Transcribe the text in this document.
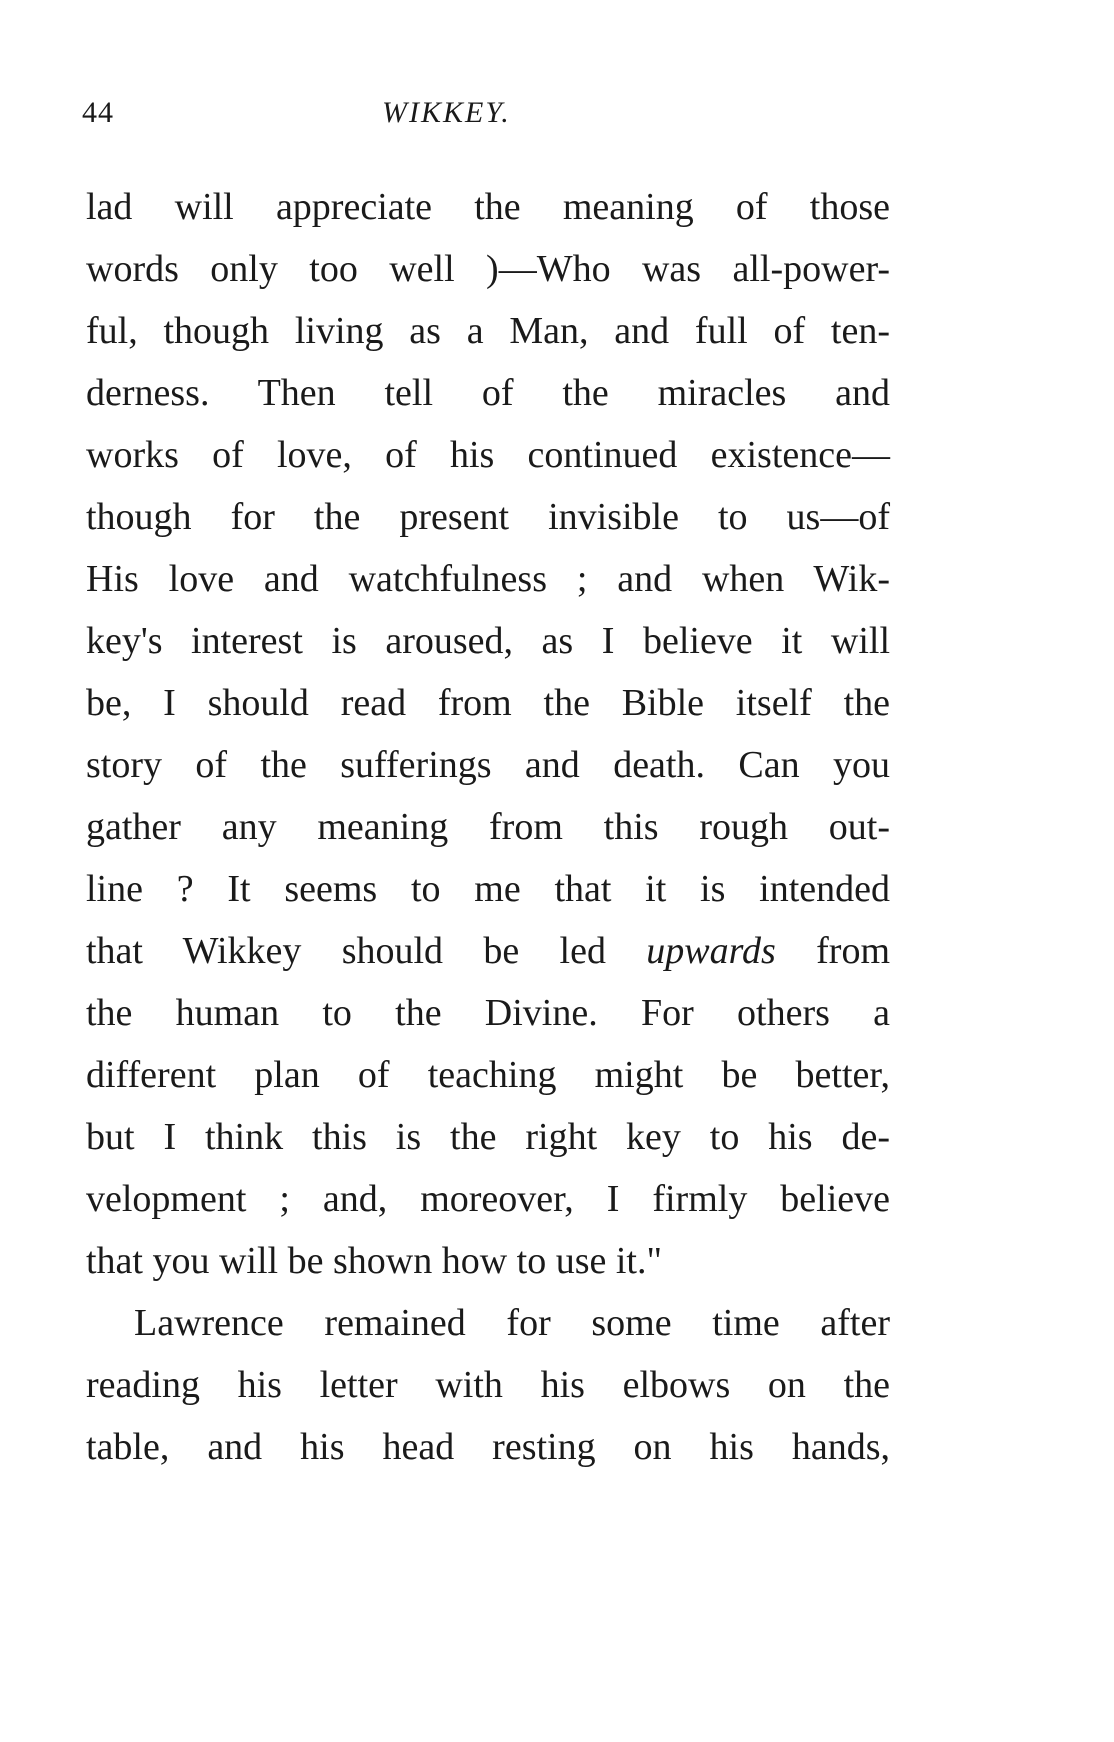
44	WIKKEY.
lad will appreciate the meaning of those
words only too well )—Who was all-power-
ful, though living as a Man, and full of ten-
derness. Then tell of the miracles and
works of love, of his continued existence—
though for the present invisible to us—of
His love and watchfulness ; and when Wik-
key's interest is aroused, as I believe it will
be, I should read from the Bible itself the
story of the sufferings and death. Can you
gather any meaning from this rough out-
line ? It seems to me that it is intended
that Wikkey should be led upwards from
the human to the Divine. For others a
different plan of teaching might be better,
but I think this is the right key to his de-
velopment ; and, moreover, I firmly believe
that you will be shown how to use it."
Lawrence remained for some time after
reading his letter with his elbows on the
table, and his head resting on his hands,
